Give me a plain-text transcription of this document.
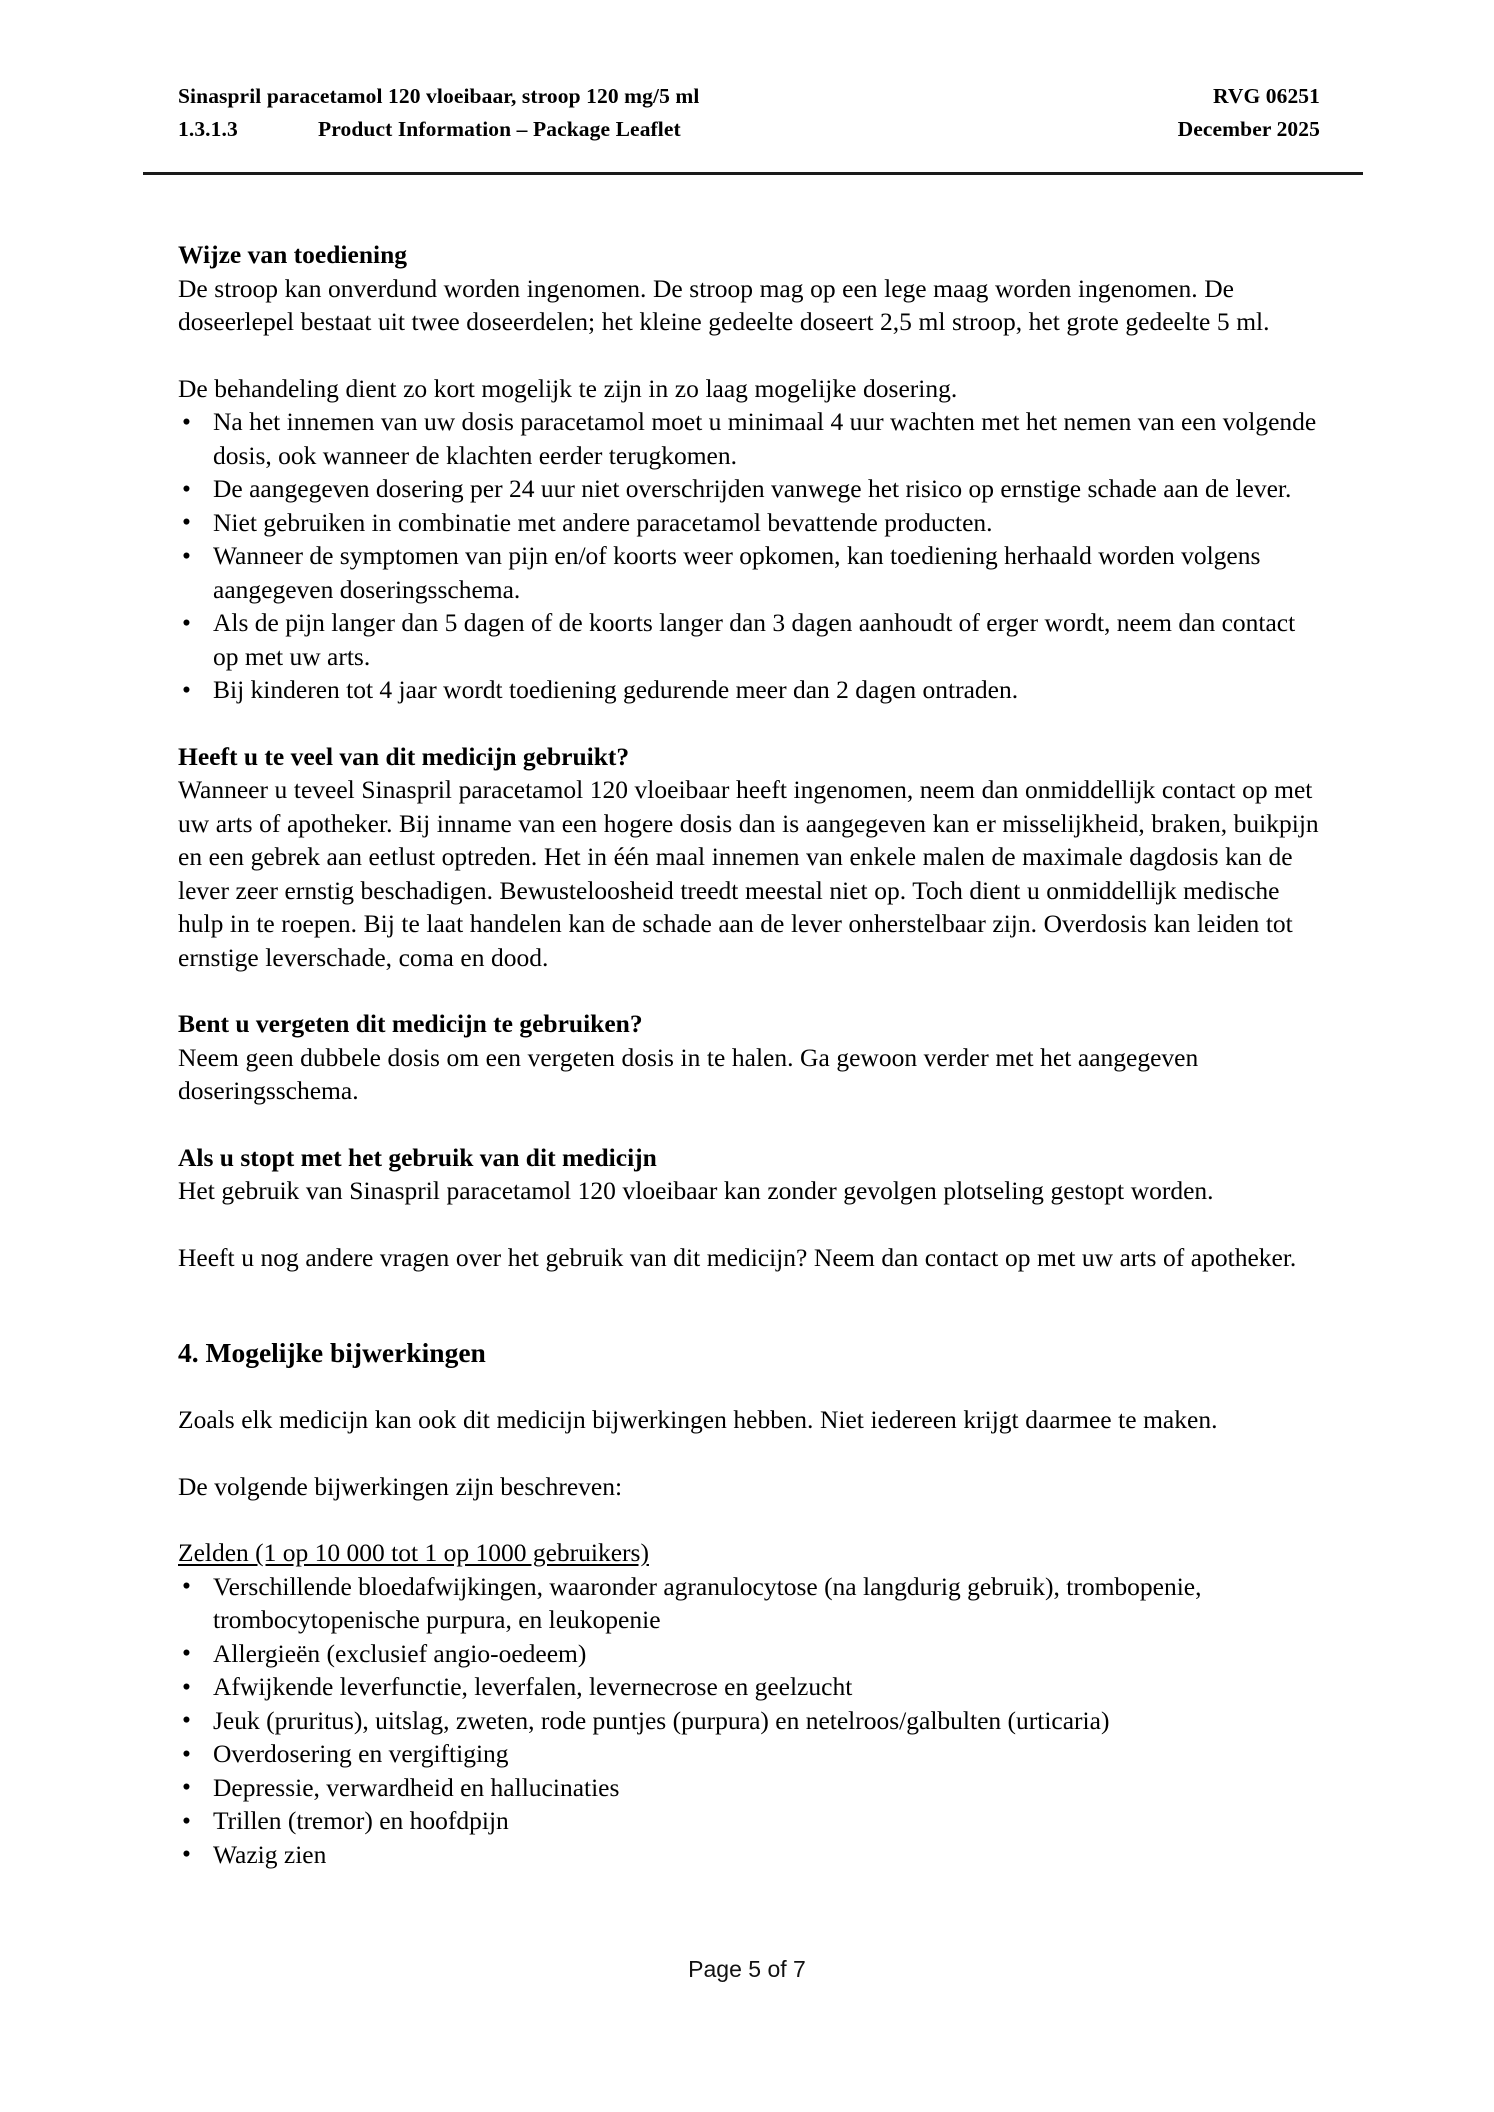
Sinaspril paracetamol 120 vloeibaar, stroop 120 mg/5 ml	RVG 06251
1.3.1.3	Product Information – Package Leaflet	December 2025
Wijze van toediening

De stroop kan onverdund worden ingenomen. De stroop mag op een lege maag worden ingenomen. De doseerlepel bestaat uit twee doseerdelen; het kleine gedeelte doseert 2,5 ml stroop, het grote gedeelte 5 ml.

De behandeling dient zo kort mogelijk te zijn in zo laag mogelijke dosering.

• Na het innemen van uw dosis paracetamol moet u minimaal 4 uur wachten met het nemen van een volgende dosis, ook wanneer de klachten eerder terugkomen.
• De aangegeven dosering per 24 uur niet overschrijden vanwege het risico op ernstige schade aan de lever.
• Niet gebruiken in combinatie met andere paracetamol bevattende producten.
• Wanneer de symptomen van pijn en/of koorts weer opkomen, kan toediening herhaald worden volgens aangegeven doseringsschema.
• Als de pijn langer dan 5 dagen of de koorts langer dan 3 dagen aanhoudt of erger wordt, neem dan contact op met uw arts.
• Bij kinderen tot 4 jaar wordt toediening gedurende meer dan 2 dagen ontraden.
Heeft u te veel van dit medicijn gebruikt?

Wanneer u teveel Sinaspril paracetamol 120 vloeibaar heeft ingenomen, neem dan onmiddellijk contact op met uw arts of apotheker. Bij inname van een hogere dosis dan is aangegeven kan er misselijkheid, braken, buikpijn en een gebrek aan eetlust optreden. Het in één maal innemen van enkele malen de maximale dagdosis kan de lever zeer ernstig beschadigen. Bewusteloosheid treedt meestal niet op. Toch dient u onmiddellijk medische hulp in te roepen. Bij te laat handelen kan de schade aan de lever onherstelbaar zijn. Overdosis kan leiden tot ernstige leverschade, coma en dood.

Bent u vergeten dit medicijn te gebruiken?

Neem geen dubbele dosis om een vergeten dosis in te halen. Ga gewoon verder met het aangegeven doseringsschema.

Als u stopt met het gebruik van dit medicijn

Het gebruik van Sinaspril paracetamol 120 vloeibaar kan zonder gevolgen plotseling gestopt worden.

Heeft u nog andere vragen over het gebruik van dit medicijn? Neem dan contact op met uw arts of apotheker.

4. Mogelijke bijwerkingen

Zoals elk medicijn kan ook dit medicijn bijwerkingen hebben. Niet iedereen krijgt daarmee te maken.

De volgende bijwerkingen zijn beschreven:

Zelden (1 op 10 000 tot 1 op 1000 gebruikers)

• Verschillende bloedafwijkingen, waaronder agranulocytose (na langdurig gebruik), trombopenie, trombocytopenische purpura, en leukopenie
• Allergieën (exclusief angio-oedeem)
• Afwijkende leverfunctie, leverfalen, levernecrose en geelzucht
• Jeuk (pruritus), uitslag, zweten, rode puntjes (purpura) en netelroos/galbulten (urticaria)
• Overdosering en vergiftiging
• Depressie, verwardheid en hallucinaties
• Trillen (tremor) en hoofdpijn
• Wazig zien
Page 5 of 7
